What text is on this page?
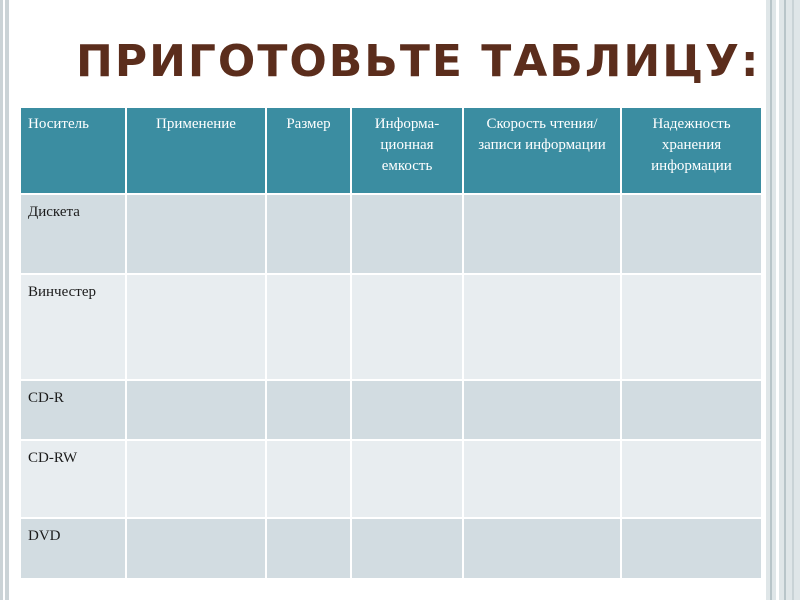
ПРИГОТОВЬТЕ ТАБЛИЦУ:
Носитель	Применение	Размер	Информа-ционная емкость	Скорость чтения/записи информации	Надежность хранения информации
Дискета					
Винчестер					
CD-R					
CD-RW					
DVD					
